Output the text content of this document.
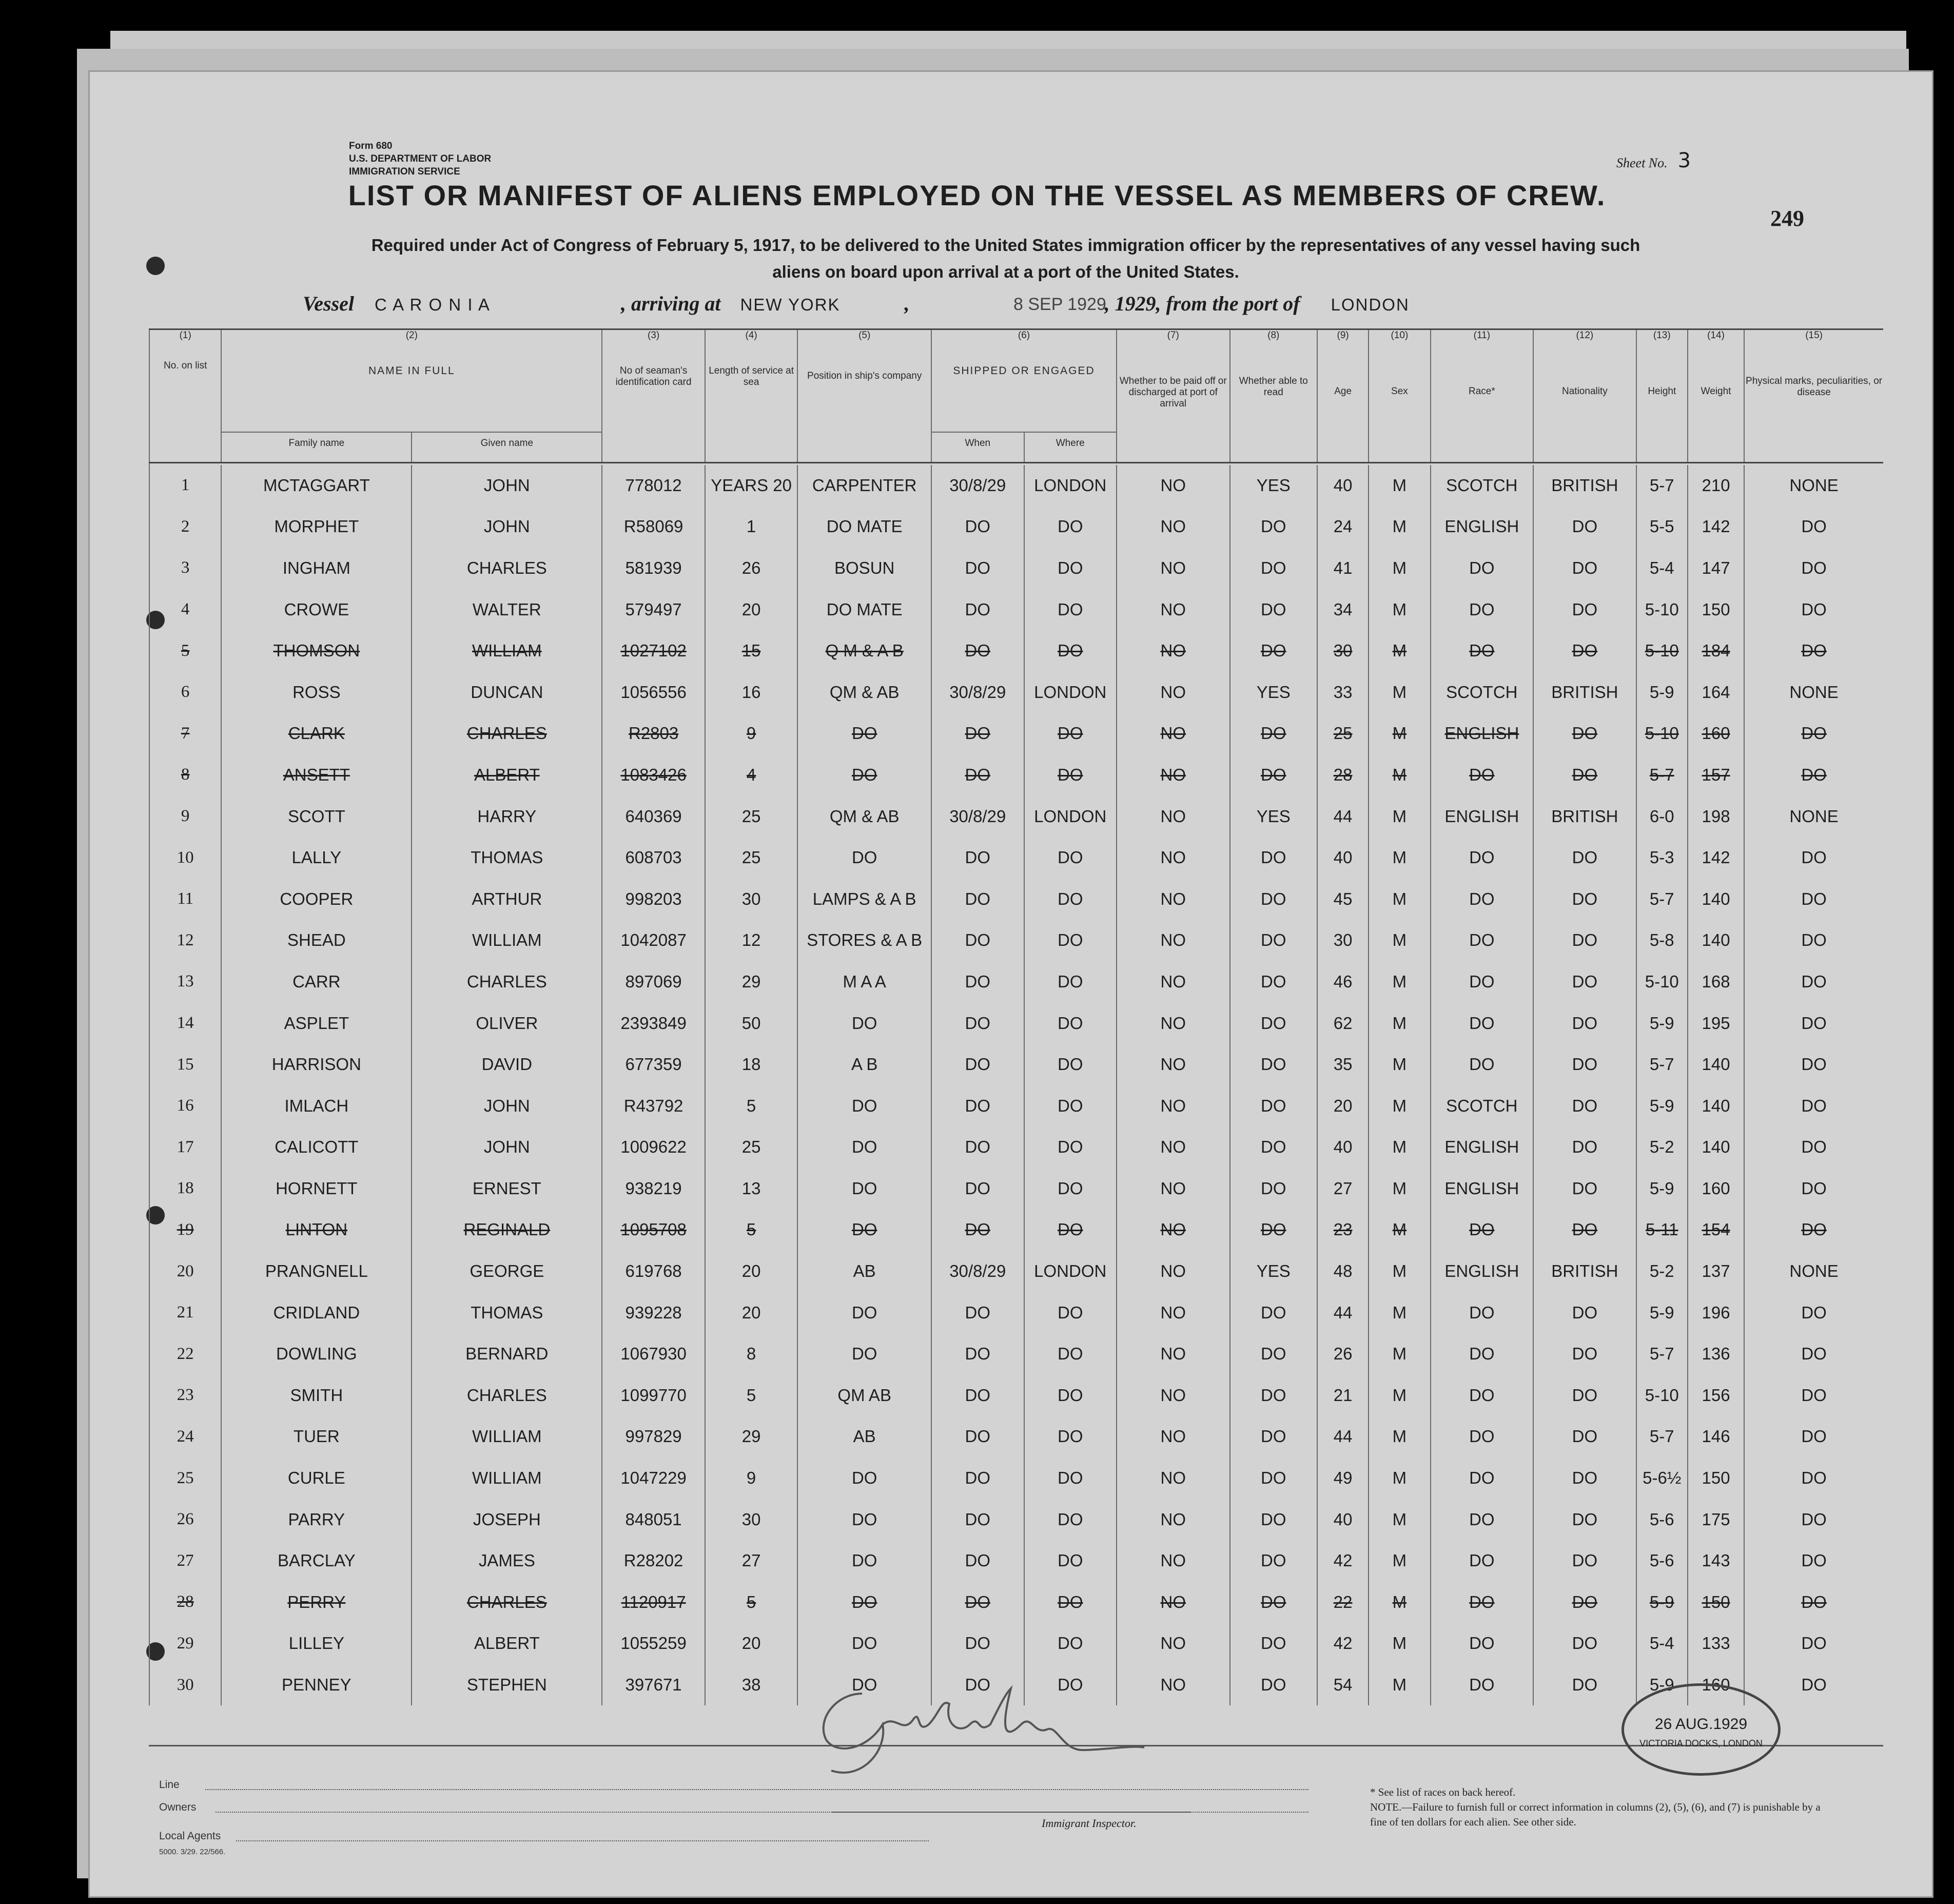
Form 680
U.S. DEPARTMENT OF LABOR
IMMIGRATION SERVICE
Sheet No. 3
249
LIST OR MANIFEST OF ALIENS EMPLOYED ON THE VESSEL AS MEMBERS OF CREW.
Required under Act of Congress of February 5, 1917, to be delivered to the United States immigration officer by the representatives of any vessel having such
aliens on board upon arrival at a port of the United States.
Vessel C A R O N I A	, arriving at NEW YORK	,	, 1929, from the port of LONDON
8 SEP 1929
(1)	(2)		(3)	(4)	(5)	(6)		(7)	(8)	(9)	(10)	(11)	(12)	(13)	(14)	(15)
No. on list	NAME IN FULL		No of seaman's identification card	Length of service at sea	Position in ship's company	SHIPPED OR ENGAGED		Whether to be paid off or discharged at port of arrival	Whether able to read	Age	Sex	Race*	Nationality	Height	Weight	Physical marks, peculiarities, or disease
	Family name	Given name				When	Where									

1	MCTAGGART	JOHN	778012	YEARS 20	CARPENTER	30/8/29	LONDON	NO	YES	40	M	SCOTCH	BRITISH	5-7	210	NONE
2	MORPHET	JOHN	R58069	1	DO MATE	DO	DO	NO	DO	24	M	ENGLISH	DO	5-5	142	DO
3	INGHAM	CHARLES	581939	26	BOSUN	DO	DO	NO	DO	41	M	DO	DO	5-4	147	DO
4	CROWE	WALTER	579497	20	DO MATE	DO	DO	NO	DO	34	M	DO	DO	5-10	150	DO
5	THOMSON	WILLIAM	1027102	15	Q M & A B	DO	DO	NO	DO	30	M	DO	DO	5-10	184	DO
6	ROSS	DUNCAN	1056556	16	QM & AB	30/8/29	LONDON	NO	YES	33	M	SCOTCH	BRITISH	5-9	164	NONE
7	CLARK	CHARLES	R2803	9	DO	DO	DO	NO	DO	25	M	ENGLISH	DO	5-10	160	DO
8	ANSETT	ALBERT	1083426	4	DO	DO	DO	NO	DO	28	M	DO	DO	5-7	157	DO
9	SCOTT	HARRY	640369	25	QM & AB	30/8/29	LONDON	NO	YES	44	M	ENGLISH	BRITISH	6-0	198	NONE
10	LALLY	THOMAS	608703	25	DO	DO	DO	NO	DO	40	M	DO	DO	5-3	142	DO
11	COOPER	ARTHUR	998203	30	LAMPS & A B	DO	DO	NO	DO	45	M	DO	DO	5-7	140	DO
12	SHEAD	WILLIAM	1042087	12	STORES & A B	DO	DO	NO	DO	30	M	DO	DO	5-8	140	DO
13	CARR	CHARLES	897069	29	M A A	DO	DO	NO	DO	46	M	DO	DO	5-10	168	DO
14	ASPLET	OLIVER	2393849	50	DO	DO	DO	NO	DO	62	M	DO	DO	5-9	195	DO
15	HARRISON	DAVID	677359	18	A B	DO	DO	NO	DO	35	M	DO	DO	5-7	140	DO
16	IMLACH	JOHN	R43792	5	DO	DO	DO	NO	DO	20	M	SCOTCH	DO	5-9	140	DO
17	CALICOTT	JOHN	1009622	25	DO	DO	DO	NO	DO	40	M	ENGLISH	DO	5-2	140	DO
18	HORNETT	ERNEST	938219	13	DO	DO	DO	NO	DO	27	M	ENGLISH	DO	5-9	160	DO
19	LINTON	REGINALD	1095708	5	DO	DO	DO	NO	DO	23	M	DO	DO	5-11	154	DO
20	PRANGNELL	GEORGE	619768	20	AB	30/8/29	LONDON	NO	YES	48	M	ENGLISH	BRITISH	5-2	137	NONE
21	CRIDLAND	THOMAS	939228	20	DO	DO	DO	NO	DO	44	M	DO	DO	5-9	196	DO
22	DOWLING	BERNARD	1067930	8	DO	DO	DO	NO	DO	26	M	DO	DO	5-7	136	DO
23	SMITH	CHARLES	1099770	5	QM AB	DO	DO	NO	DO	21	M	DO	DO	5-10	156	DO
24	TUER	WILLIAM	997829	29	AB	DO	DO	NO	DO	44	M	DO	DO	5-7	146	DO
25	CURLE	WILLIAM	1047229	9	DO	DO	DO	NO	DO	49	M	DO	DO	5-6½	150	DO
26	PARRY	JOSEPH	848051	30	DO	DO	DO	NO	DO	40	M	DO	DO	5-6	175	DO
27	BARCLAY	JAMES	R28202	27	DO	DO	DO	NO	DO	42	M	DO	DO	5-6	143	DO
28	PERRY	CHARLES	1120917	5	DO	DO	DO	NO	DO	22	M	DO	DO	5-9	150	DO
29	LILLEY	ALBERT	1055259	20	DO	DO	DO	NO	DO	42	M	DO	DO	5-4	133	DO
30	PENNEY	STEPHEN	397671	38	DO	DO	DO	NO	DO	54	M	DO	DO	5-9	160	DO
Line
Owners
Local Agents
5000. 3/29. 22/566.
Immigrant Inspector.
* See list of races on back hereof.
NOTE.—Failure to furnish full or correct information in columns (2), (5), (6), and (7) is punishable by a fine of ten dollars for each alien. See other side.
26 AUG.1929
VICTORIA DOCKS, LONDON
